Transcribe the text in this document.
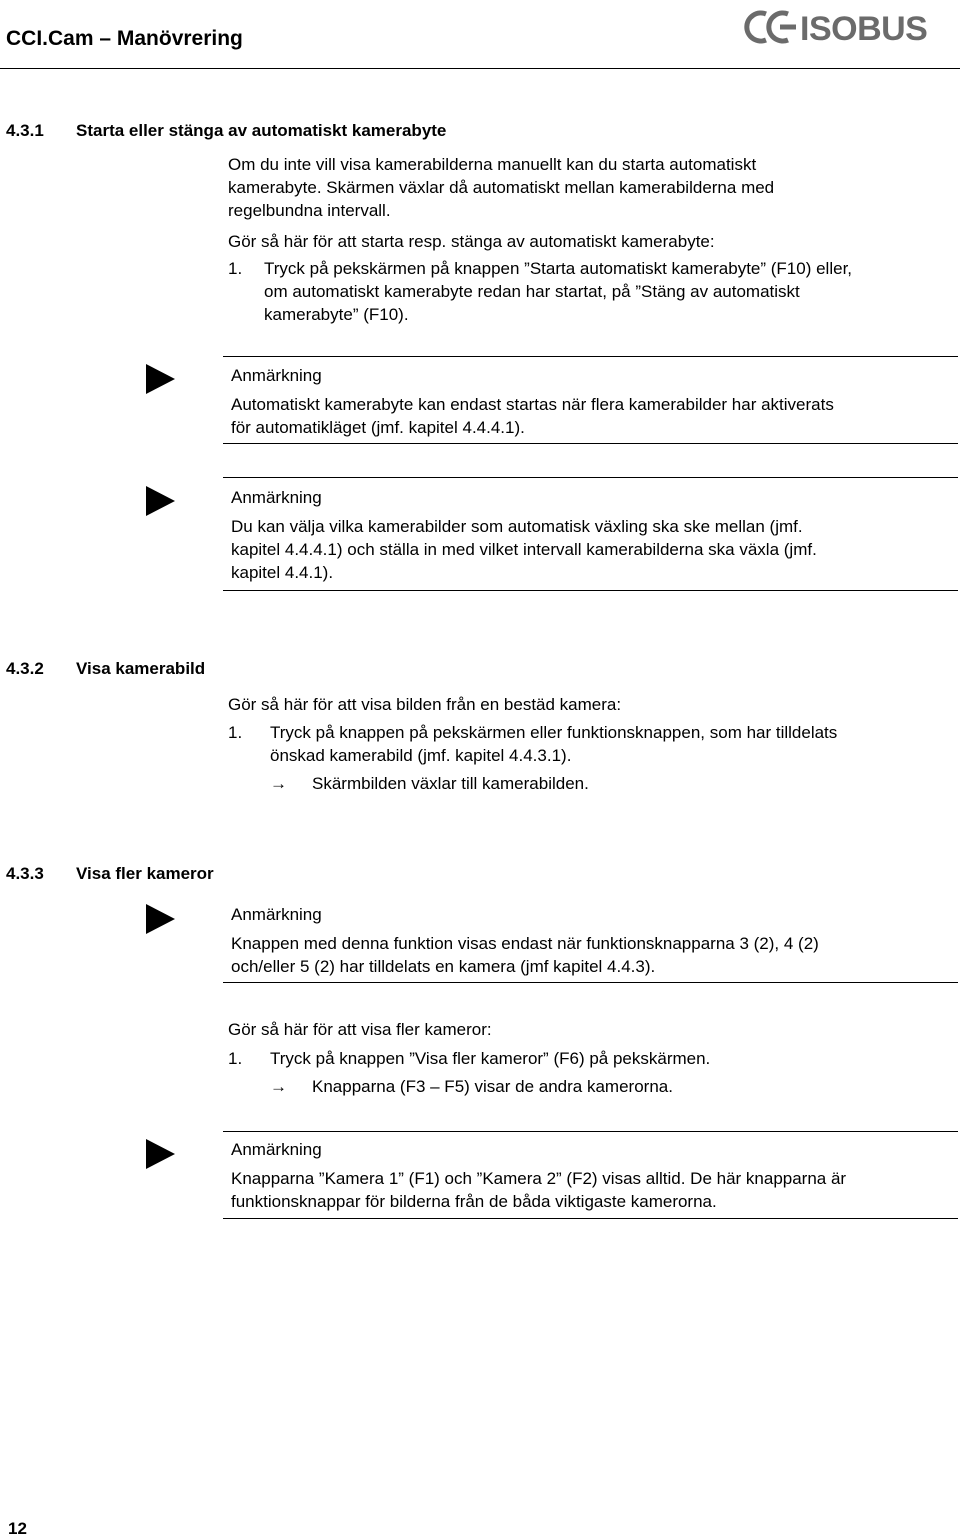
CCI.Cam – Manövrering	ISOBUS
4.3.1 Starta eller stänga av automatiskt kamerabyte
Om du inte vill visa kamerabilderna manuellt kan du starta automatiskt
kamerabyte. Skärmen växlar då automatiskt mellan kamerabilderna med
regelbundna intervall.
Gör så här för att starta resp. stänga av automatiskt kamerabyte:
1. Tryck på pekskärmen på knappen ”Starta automatiskt kamerabyte” (F10) eller,
om automatiskt kamerabyte redan har startat, på ”Stäng av automatiskt
kamerabyte” (F10).
Anmärkning
Automatiskt kamerabyte kan endast startas när flera kamerabilder har aktiverats
för automatikläget (jmf. kapitel 4.4.4.1).
Anmärkning
Du kan välja vilka kamerabilder som automatisk växling ska ske mellan (jmf.
kapitel 4.4.4.1) och ställa in med vilket intervall kamerabilderna ska växla (jmf.
kapitel 4.4.1).
4.3.2 Visa kamerabild
Gör så här för att visa bilden från en bestäd kamera:
1. Tryck på knappen på pekskärmen eller funktionsknappen, som har tilldelats
önskad kamerabild (jmf. kapitel 4.4.3.1).
→ Skärmbilden växlar till kamerabilden.
4.3.3 Visa fler kameror
Anmärkning
Knappen med denna funktion visas endast när funktionsknapparna 3 (2), 4 (2)
och/eller 5 (2) har tilldelats en kamera (jmf kapitel 4.4.3).
Gör så här för att visa fler kameror:
1. Tryck på knappen ”Visa fler kameror” (F6) på pekskärmen.
→ Knapparna (F3 – F5) visar de andra kamerorna.
Anmärkning
Knapparna ”Kamera 1” (F1) och ”Kamera 2” (F2) visas alltid. De här knapparna är
funktionsknappar för bilderna från de båda viktigaste kamerorna.
12
